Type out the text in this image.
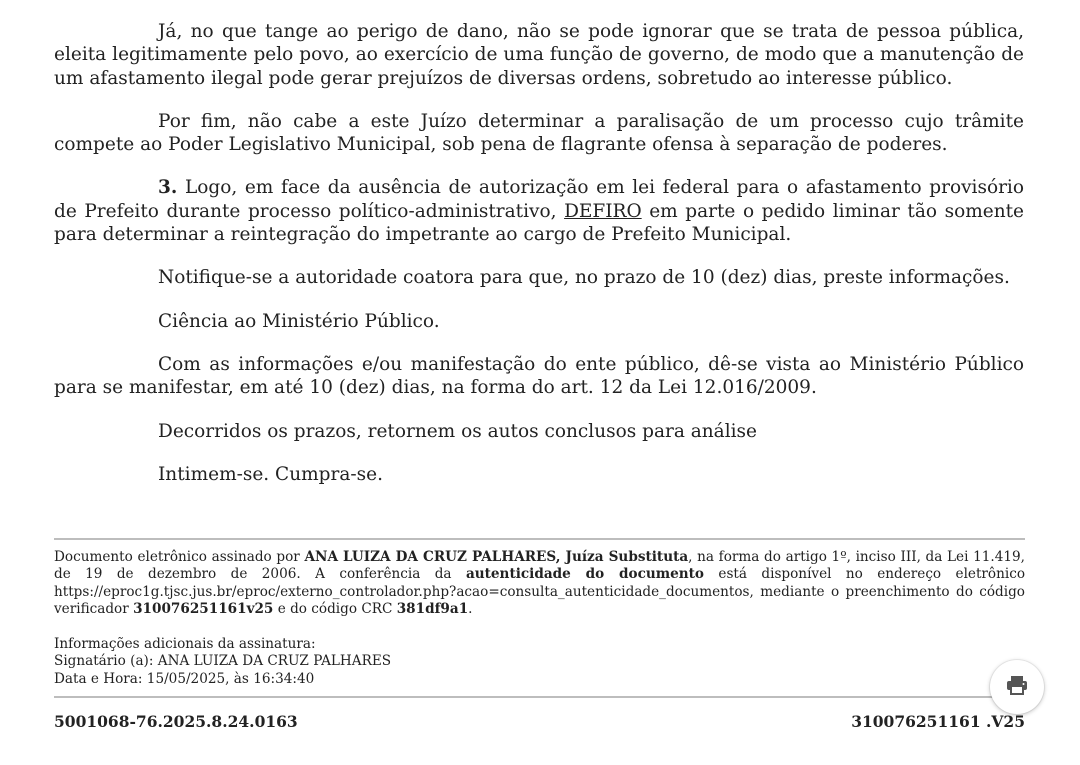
Já, no que tange ao perigo de dano, não se pode ignorar que se trata de pessoa pública, eleita legitimamente pelo povo, ao exercício de uma função de governo, de modo que a manutenção de um afastamento ilegal pode gerar prejuízos de diversas ordens, sobretudo ao interesse público.

Por fim, não cabe a este Juízo determinar a paralisação de um processo cujo trâmite compete ao Poder Legislativo Municipal, sob pena de flagrante ofensa à separação de poderes.

3. Logo, em face da ausência de autorização em lei federal para o afastamento provisório de Prefeito durante processo político-administrativo, DEFIRO em parte o pedido liminar tão somente para determinar a reintegração do impetrante ao cargo de Prefeito Municipal.

Notifique-se a autoridade coatora para que, no prazo de 10 (dez) dias, preste informações.

Ciência ao Ministério Público.

Com as informações e/ou manifestação do ente público, dê-se vista ao Ministério Público para se manifestar, em até 10 (dez) dias, na forma do art. 12 da Lei 12.016/2009.

Decorridos os prazos, retornem os autos conclusos para análise

Intimem-se. Cumpra-se.

Documento eletrônico assinado por ANA LUIZA DA CRUZ PALHARES, Juíza Substituta, na forma do artigo 1º, inciso III, da Lei 11.419, de 19 de dezembro de 2006. A conferência da autenticidade do documento está disponível no endereço eletrônico https://eproc1g.tjsc.jus.br/eproc/externo_controlador.php?acao=consulta_autenticidade_documentos, mediante o preenchimento do código verificador 310076251161v25 e do código CRC 381df9a1.
Informações adicionais da assinatura:
Signatário (a): ANA LUIZA DA CRUZ PALHARES
Data e Hora: 15/05/2025, às 16:34:40
5001068-76.2025.8.24.0163	310076251161 .V25
